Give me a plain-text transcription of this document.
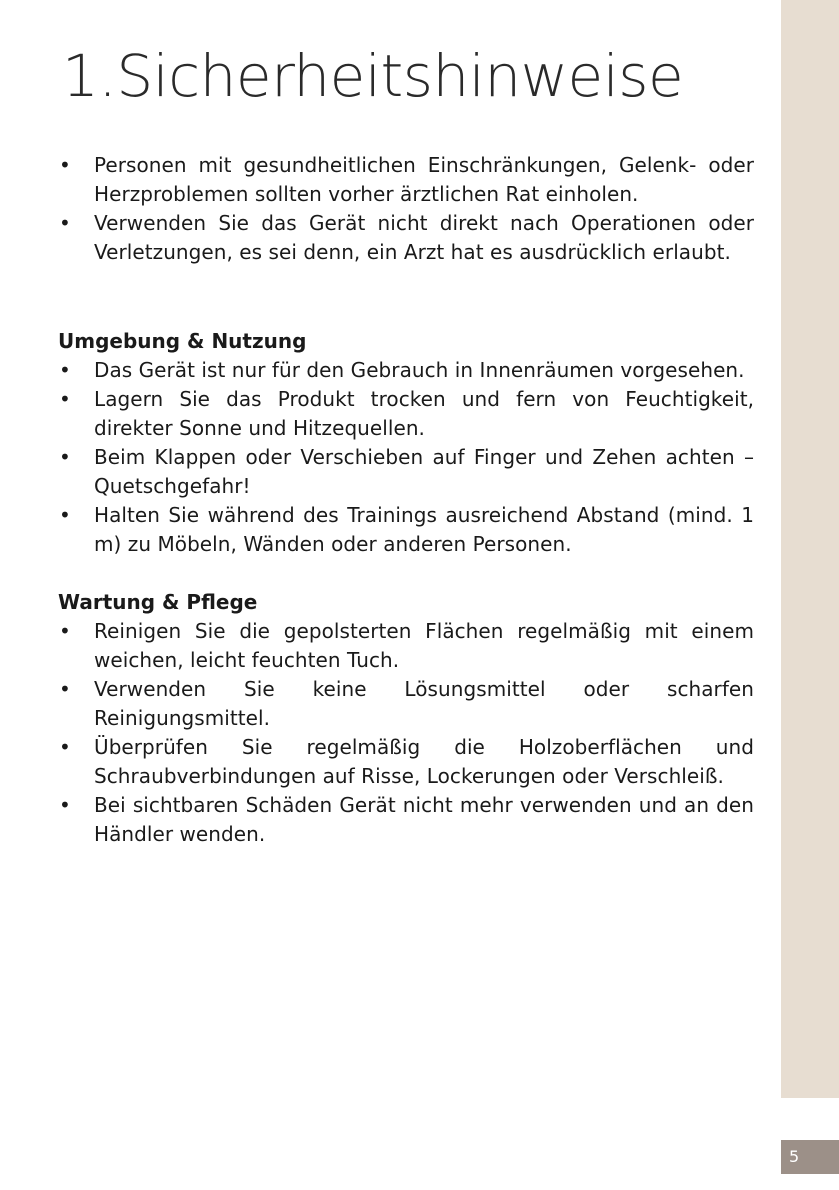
1.Sicherheitshinweise
• Personen mit gesundheitlichen Einschränkungen, Gelenk- oder Herzproblemen sollten vorher ärztlichen Rat einholen.
• Verwenden Sie das Gerät nicht direkt nach Operationen oder Verletzungen, es sei denn, ein Arzt hat es ausdrücklich erlaubt.
Umgebung & Nutzung
• Das Gerät ist nur für den Gebrauch in Innenräumen vorgesehen.
• Lagern Sie das Produkt trocken und fern von Feuchtigkeit, direkter Sonne und Hitzequellen.
• Beim Klappen oder Verschieben auf Finger und Zehen achten – Quetschgefahr!
• Halten Sie während des Trainings ausreichend Abstand (mind. 1 m) zu Möbeln, Wänden oder anderen Personen.
Wartung & Pflege
• Reinigen Sie die gepolsterten Flächen regelmäßig mit einem weichen, leicht feuchten Tuch.
• Verwenden Sie keine Lösungsmittel oder scharfen Reinigungsmittel.
• Überprüfen Sie regelmäßig die Holzoberflächen und Schraubverbindungen auf Risse, Lockerungen oder Verschleiß.
• Bei sichtbaren Schäden Gerät nicht mehr verwenden und an den Händler wenden.
5
